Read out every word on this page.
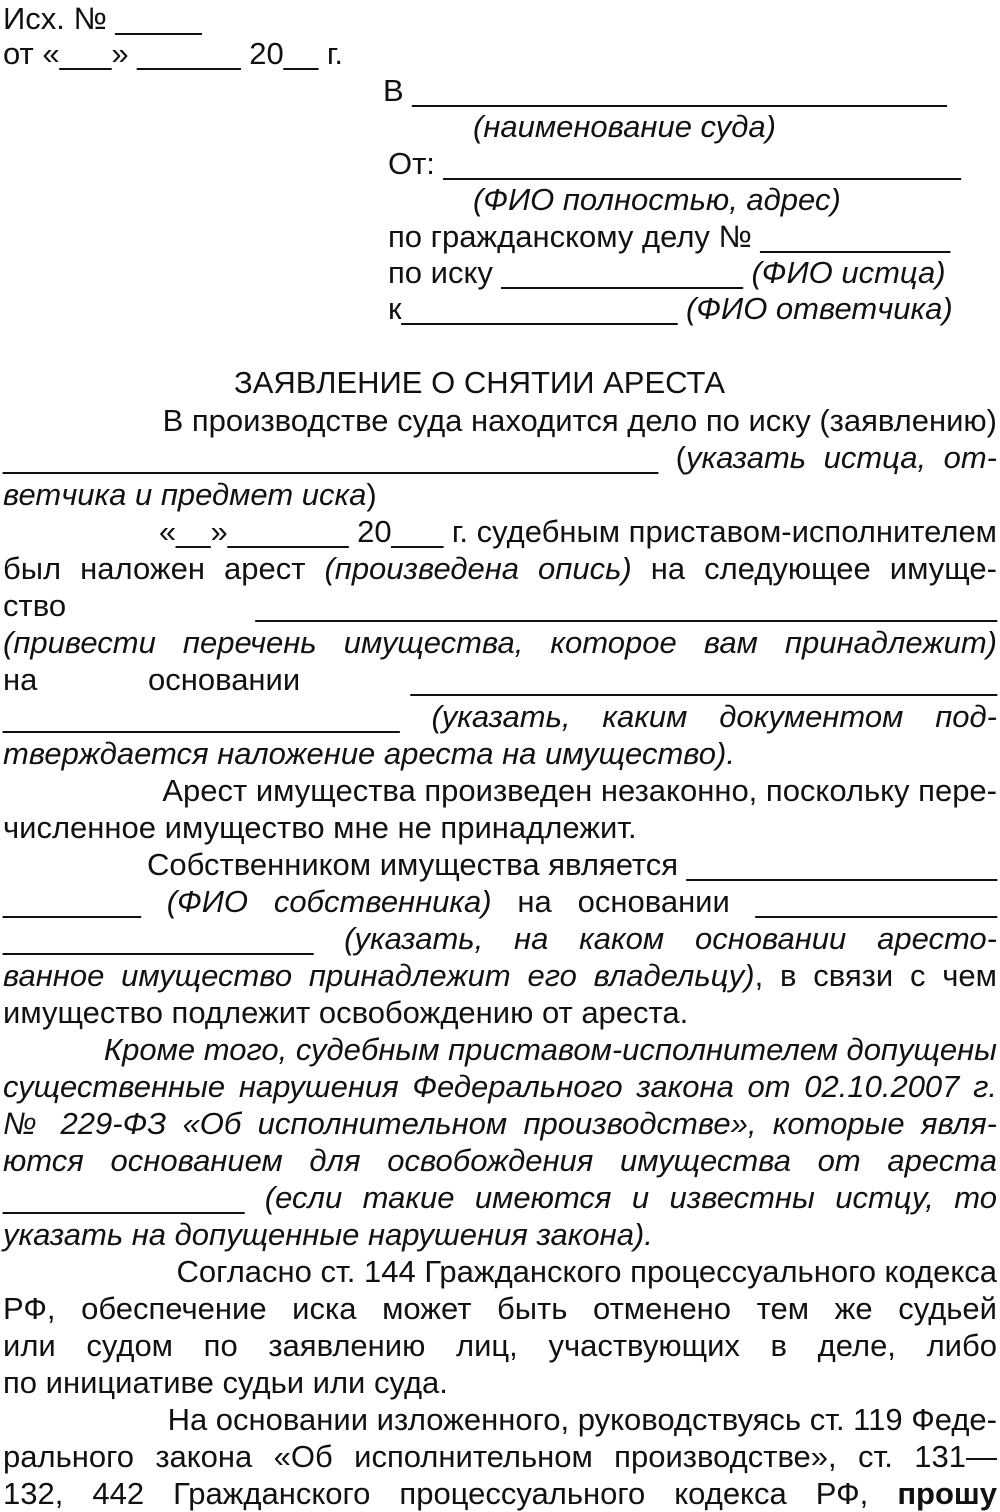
Исх. № _____
от «___» ______ 20__ г.
В _______________________________
(наименование суда)
От: ______________________________
(ФИО полностью, адрес)
по гражданскому делу № ___________
по иску ______________ (ФИО истца)
к________________ (ФИО ответчика)
ЗАЯВЛЕНИЕ О СНЯТИИ АРЕСТА
В производстве суда находится дело по иску (заявлению)
______________________________________ (указать истца, от-
ветчика и предмет иска)
«__»_______ 20___ г. судебным приставом-исполнителем
был наложен арест (произведена опись) на следующее имуще-
ство ___________________________________________
(привести перечень имущества, которое вам принадлежит)
на основании __________________________________
_______________________ (указать, каким документом под-
тверждается наложение ареста на имущество).
Арест имущества произведен незаконно, поскольку пере-
численное имущество мне не принадлежит.
Собственником имущества является __________________
________ (ФИО собственника) на основании ______________
__________________ (указать, на каком основании аресто-
ванное имущество принадлежит его владельцу), в связи с чем
имущество подлежит освобождению от ареста.
Кроме того, судебным приставом-исполнителем допущены
существенные нарушения Федерального закона от 02.10.2007 г.
№ 229-ФЗ «Об исполнительном производстве», которые явля-
ются основанием для освобождения имущества от ареста
______________ (если такие имеются и известны истцу, то
указать на допущенные нарушения закона).
Согласно ст. 144 Гражданского процессуального кодекса
РФ, обеспечение иска может быть отменено тем же судьей
или судом по заявлению лиц, участвующих в деле, либо
по инициативе судьи или суда.
На основании изложенного, руководствуясь ст. 119 Феде-
рального закона «Об исполнительном производстве», ст. 131—
132, 442 Гражданского процессуального кодекса РФ, прошу
